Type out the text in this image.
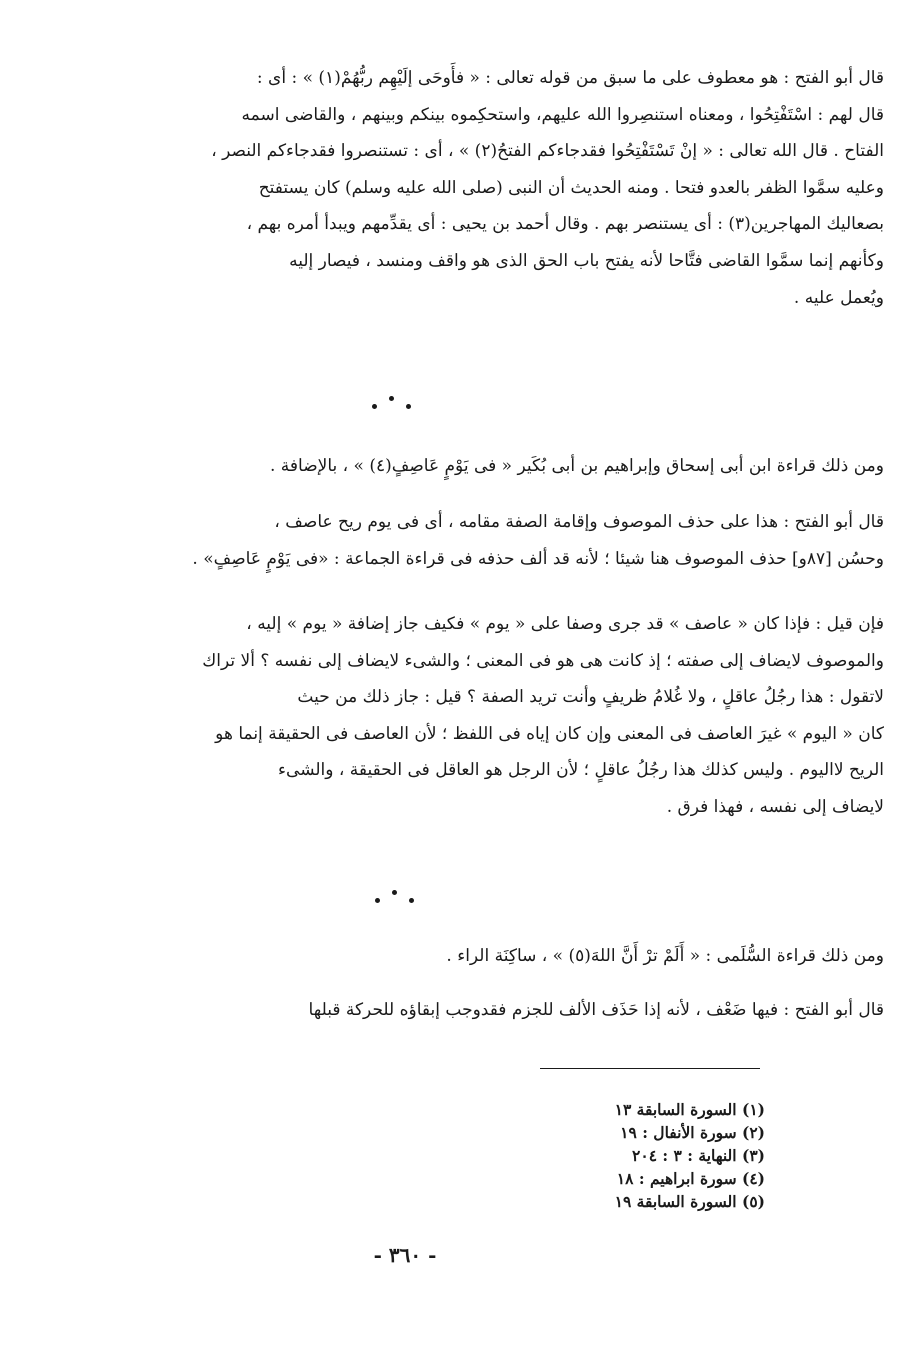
قال أبو الفتح : هو معطوف على ما سبق من قوله تعالى : « فأَوحَى إلَيْهِم ربُّهُمْ(١) » : أى :
قال لهم : اسْتَفْتِحُوا ، ومعناه استنصِروا الله عليهم، واستحكِموه بينكم وبينهم ، والقاضى اسمه
الفتاح . قال الله تعالى : « إنْ تَسْتَفْتِحُوا فقدجاءكم الفتحُ(٢) » ، أى : تستنصروا فقدجاءكم النصر ،
وعليه سمَّوا الظفر بالعدو فتحا . ومنه الحديث أن النبى (صلى الله عليه وسلم) كان يستفتح
بصعاليك المهاجرين(٣) : أى يستنصر بهم . وقال أحمد بن يحيى : أى يقدِّمهم ويبدأ أمره بهم ،
وكأنهم إنما سمَّوا القاضى فتَّاحا لأنه يفتح باب الحق الذى هو واقف ومنسد ، فيصار إليه
ويُعمل عليه .
ومن ذلك قراءة ابن أبى إسحاق وإبراهيم بن أبى بُكَير « فى يَوْمٍ عَاصِفٍ(٤) » ، بالإضافة .
قال أبو الفتح : هذا على حذف الموصوف وإقامة الصفة مقامه ، أى فى يوم ريح عاصف ،
وحسُن [٨٧و] حذف الموصوف هنا شيئا ؛ لأنه قد ألف حذفه فى قراءة الجماعة : «فى يَوْمٍ عَاصِفٍ» .
فإن قيل : فإذا كان « عاصف » قد جرى وصفا على « يوم » فكيف جاز إضافة « يوم » إليه ،
والموصوف لايضاف إلى صفته ؛ إذ كانت هى هو فى المعنى ؛ والشىء لايضاف إلى نفسه ؟ ألا تراك
لاتقول : هذا رجُلُ عاقلٍ ، ولا غُلامُ ظريفٍ وأنت تريد الصفة ؟ قيل : جاز ذلك من حيث
كان « اليوم » غيرَ العاصف فى المعنى وإن كان إياه فى اللفظ ؛ لأن العاصف فى الحقيقة إنما هو
الريح لااليوم . وليس كذلك هذا رجُلُ عاقلٍ ؛ لأن الرجل هو العاقل فى الحقيقة ، والشىء
لايضاف إلى نفسه ، فهذا فرق .
ومن ذلك قراءة السُّلَمى : « أَلَمْ ترْ أَنَّ اللهَ(٥) » ، ساكِنَة الراء .
قال أبو الفتح : فيها ضَعْف ، لأنه إذا حَذَف الألف للجزم فقدوجب إبقاؤه للحركة قبلها
(١) السورة السابقة ١٣
(٢) سورة الأنفال : ١٩
(٣) النهاية : ٣ : ٢٠٤
(٤) سورة ابراهيم : ١٨
(٥) السورة السابقة ١٩
- ٣٦٠ -
